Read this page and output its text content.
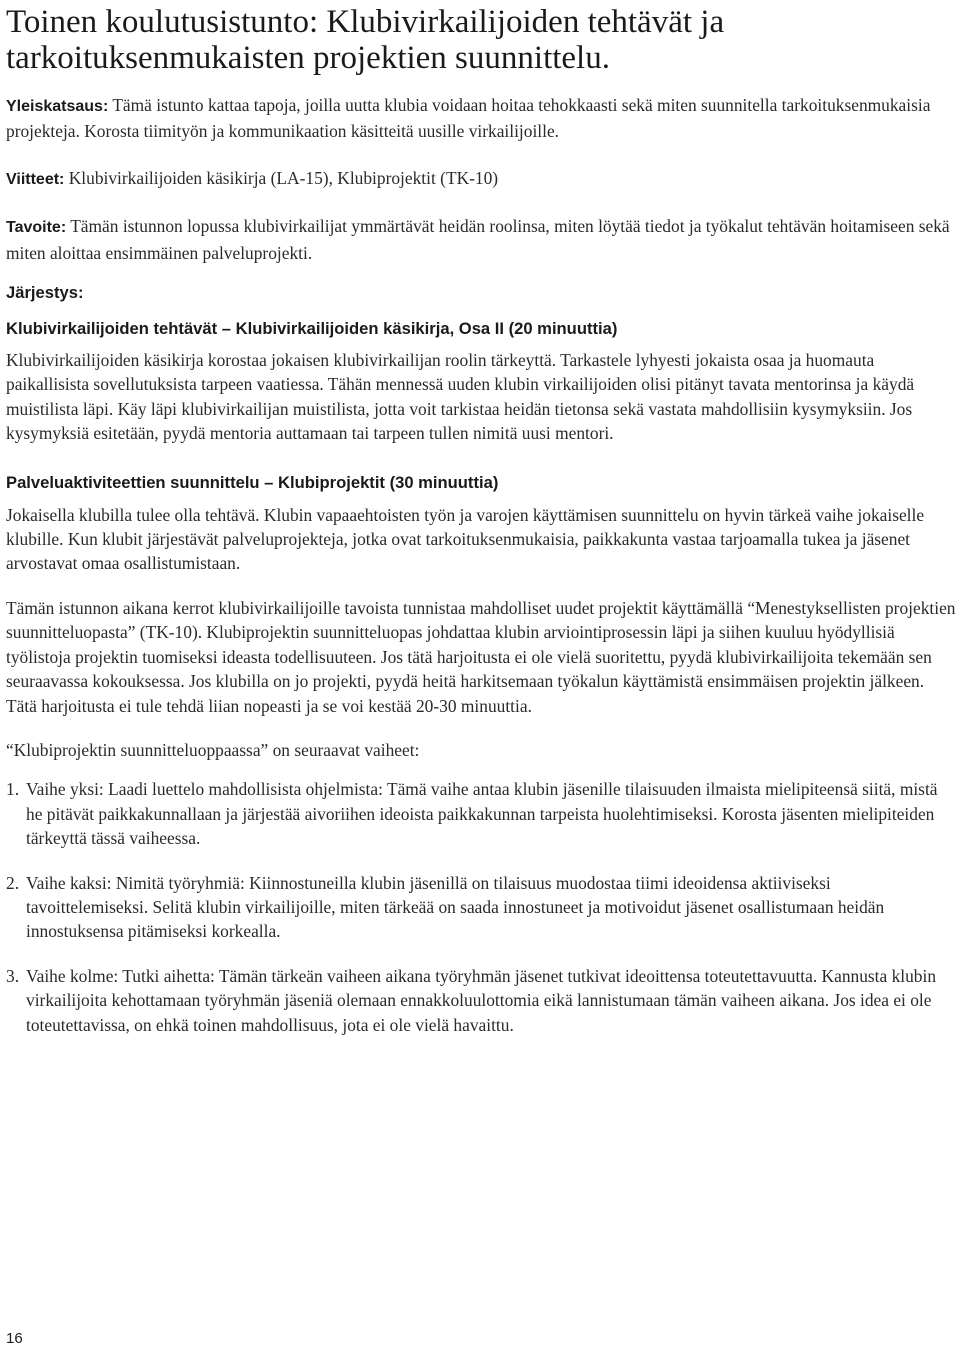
Toinen koulutusistunto: Klubivirkailijoiden tehtävät ja tarkoituksenmukaisten projektien suunnittelu.

Yleiskatsaus: Tämä istunto kattaa tapoja, joilla uutta klubia voidaan hoitaa tehokkaasti sekä miten suunnitella tarkoituksenmukaisia projekteja. Korosta tiimityön ja kommunikaation käsitteitä uusille virkailijoille.

Viitteet: Klubivirkailijoiden käsikirja (LA-15), Klubiprojektit (TK-10)

Tavoite: Tämän istunnon lopussa klubivirkailijat ymmärtävät heidän roolinsa, miten löytää tiedot ja työkalut tehtävän hoitamiseen sekä miten aloittaa ensimmäinen palveluprojekti.

Järjestys:

Klubivirkailijoiden tehtävät – Klubivirkailijoiden käsikirja, Osa II (20 minuuttia)

Klubivirkailijoiden käsikirja korostaa jokaisen klubivirkailijan roolin tärkeyttä. Tarkastele lyhyesti jokaista osaa ja huomauta paikallisista sovellutuksista tarpeen vaatiessa. Tähän mennessä uuden klubin virkailijoiden olisi pitänyt tavata mentorinsa ja käydä muistilista läpi. Käy läpi klubivirkailijan muistilista, jotta voit tarkistaa heidän tietonsa sekä vastata mahdollisiin kysymyksiin. Jos kysymyksiä esitetään, pyydä mentoria auttamaan tai tarpeen tullen nimitä uusi mentori.

Palveluaktiviteettien suunnittelu – Klubiprojektit (30 minuuttia)

Jokaisella klubilla tulee olla tehtävä. Klubin vapaaehtoisten työn ja varojen käyttämisen suunnittelu on hyvin tärkeä vaihe jokaiselle klubille. Kun klubit järjestävät palveluprojekteja, jotka ovat tarkoituksenmukaisia, paikkakunta vastaa tarjoamalla tukea ja jäsenet arvostavat omaa osallistumistaan.

Tämän istunnon aikana kerrot klubivirkailijoille tavoista tunnistaa mahdolliset uudet projektit käyttämällä “Menestyksellisten projektien suunnitteluopasta” (TK-10). Klubiprojektin suunnitteluopas johdattaa klubin arviointiprosessin läpi ja siihen kuuluu hyödyllisiä työlistoja projektin tuomiseksi ideasta todellisuuteen. Jos tätä harjoitusta ei ole vielä suoritettu, pyydä klubivirkailijoita tekemään sen seuraavassa kokouksessa. Jos klubilla on jo projekti, pyydä heitä harkitsemaan työkalun käyttämistä ensimmäisen projektin jälkeen. Tätä harjoitusta ei tule tehdä liian nopeasti ja se voi kestää 20-30 minuuttia.

“Klubiprojektin suunnitteluoppaassa” on seuraavat vaiheet:

1. Vaihe yksi: Laadi luettelo mahdollisista ohjelmista: Tämä vaihe antaa klubin jäsenille tilaisuuden ilmaista mielipiteensä siitä, mistä he pitävät paikkakunnallaan ja järjestää aivoriihen ideoista paikkakunnan tarpeista huolehtimiseksi. Korosta jäsenten mielipiteiden tärkeyttä tässä vaiheessa.
2. Vaihe kaksi: Nimitä työryhmiä: Kiinnostuneilla klubin jäsenillä on tilaisuus muodostaa tiimi ideoidensa aktiiviseksi tavoittelemiseksi. Selitä klubin virkailijoille, miten tärkeää on saada innostuneet ja motivoidut jäsenet osallistumaan heidän innostuksensa pitämiseksi korkealla.
3. Vaihe kolme: Tutki aihetta: Tämän tärkeän vaiheen aikana työryhmän jäsenet tutkivat ideoittensa toteutettavuutta. Kannusta klubin virkailijoita kehottamaan työryhmän jäseniä olemaan ennakkoluulottomia eikä lannistumaan tämän vaiheen aikana. Jos idea ei ole toteutettavissa, on ehkä toinen mahdollisuus, jota ei ole vielä havaittu.
16
